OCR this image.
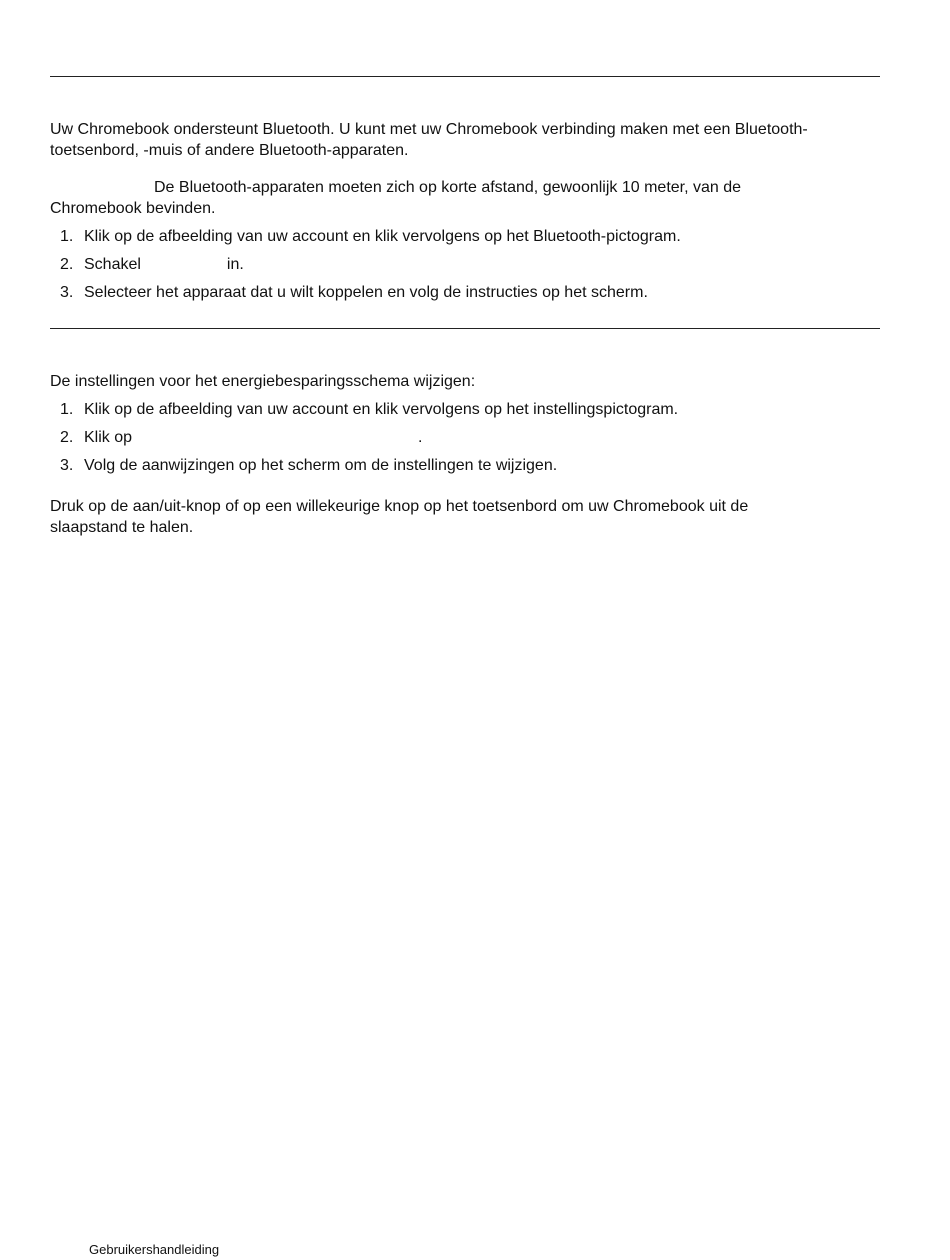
Uw Chromebook ondersteunt Bluetooth. U kunt met uw Chromebook verbinding maken met een Bluetooth-toetsenbord, -muis of andere Bluetooth-apparaten.

De Bluetooth-apparaten moeten zich op korte afstand, gewoonlijk 10 meter, van de
Chromebook bevinden.

1. Klik op de afbeelding van uw account en klik vervolgens op het Bluetooth-pictogram.
2. Schakel	in.
3. Selecteer het apparaat dat u wilt koppelen en volg de instructies op het scherm.

De instellingen voor het energiebesparingsschema wijzigen:

1. Klik op de afbeelding van uw account en klik vervolgens op het instellingspictogram.
2. Klik op	.
3. Volg de aanwijzingen op het scherm om de instellingen te wijzigen.

Druk op de aan/uit-knop of op een willekeurige knop op het toetsenbord om uw Chromebook uit de slaapstand te halen.

Gebruikershandleiding
